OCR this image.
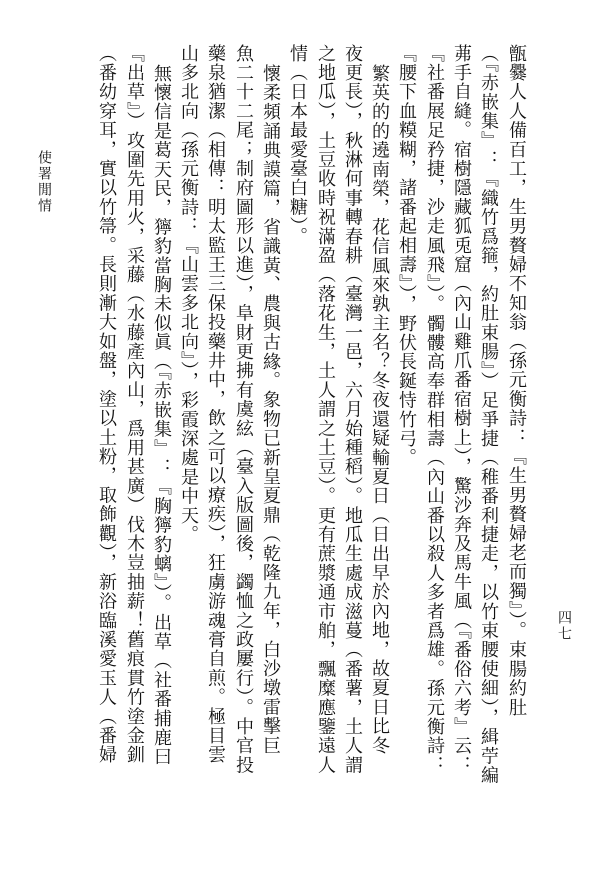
使署閒情
四七
甑爨人人備百工，生男贅婦不知翁（孫元衡詩：『生男贅婦老而獨』）。束腸約肚
（『赤嵌集』：『織竹爲箍，約肚束腸』）足爭捷（稚番利捷走，以竹束腰使細），緝苧編
茀手自縫。宿樹隱藏狐兎窟（內山雞爪番宿樹上），驚沙奔及馬牛風（『番俗六考』云：
『社番展足矜捷，沙走風飛』）。髑髏高奉群相壽（內山番以殺人多者爲雄。孫元衡詩：
『腰下血糢糊，諸番起相壽』），野伏長鋋恃竹弓。
繁英的的遶南榮，花信風來孰主名？冬夜還疑輸夏日（日出早於內地，故夏日比冬
夜更長），秋淋何事轉春耕（臺灣一邑，六月始種稻）。地瓜生處成滋蔓（番薯，土人謂
之地瓜），土豆收時祝滿盈（落花生，土人謂之土豆）。更有蔗漿通市舶，飄糜應鑒遠人
情（日本最愛臺白糖）。
懷柔頻誦典謨篇，省識黃、農與古緣。象物已新皇夏鼎（乾隆九年，白沙墩雷擊巨
魚二十二尾；制府圖形以進），阜財更拂有虞絃（臺入版圖後，蠲恤之政屢行）。中官投
藥泉猶潔（相傳：明太監王三保投藥井中，飲之可以療疾），狂虜游魂膏自煎。極目雲
山多北向（孫元衡詩：『山雲多北向』），彩霞深處是中天。
無懷信是葛天民，獰豹當胸未似眞（『赤嵌集』：『胸獰豹螭』）。出草（社番捕鹿曰
『出草』）攻圍先用火，采藤（水藤產內山，爲用甚廣）伐木豈抽薪！舊痕貫竹塗金釧
（番幼穿耳，實以竹箒。長則漸大如盤，塗以土粉，取飾觀），新浴臨溪愛玉人（番婦
